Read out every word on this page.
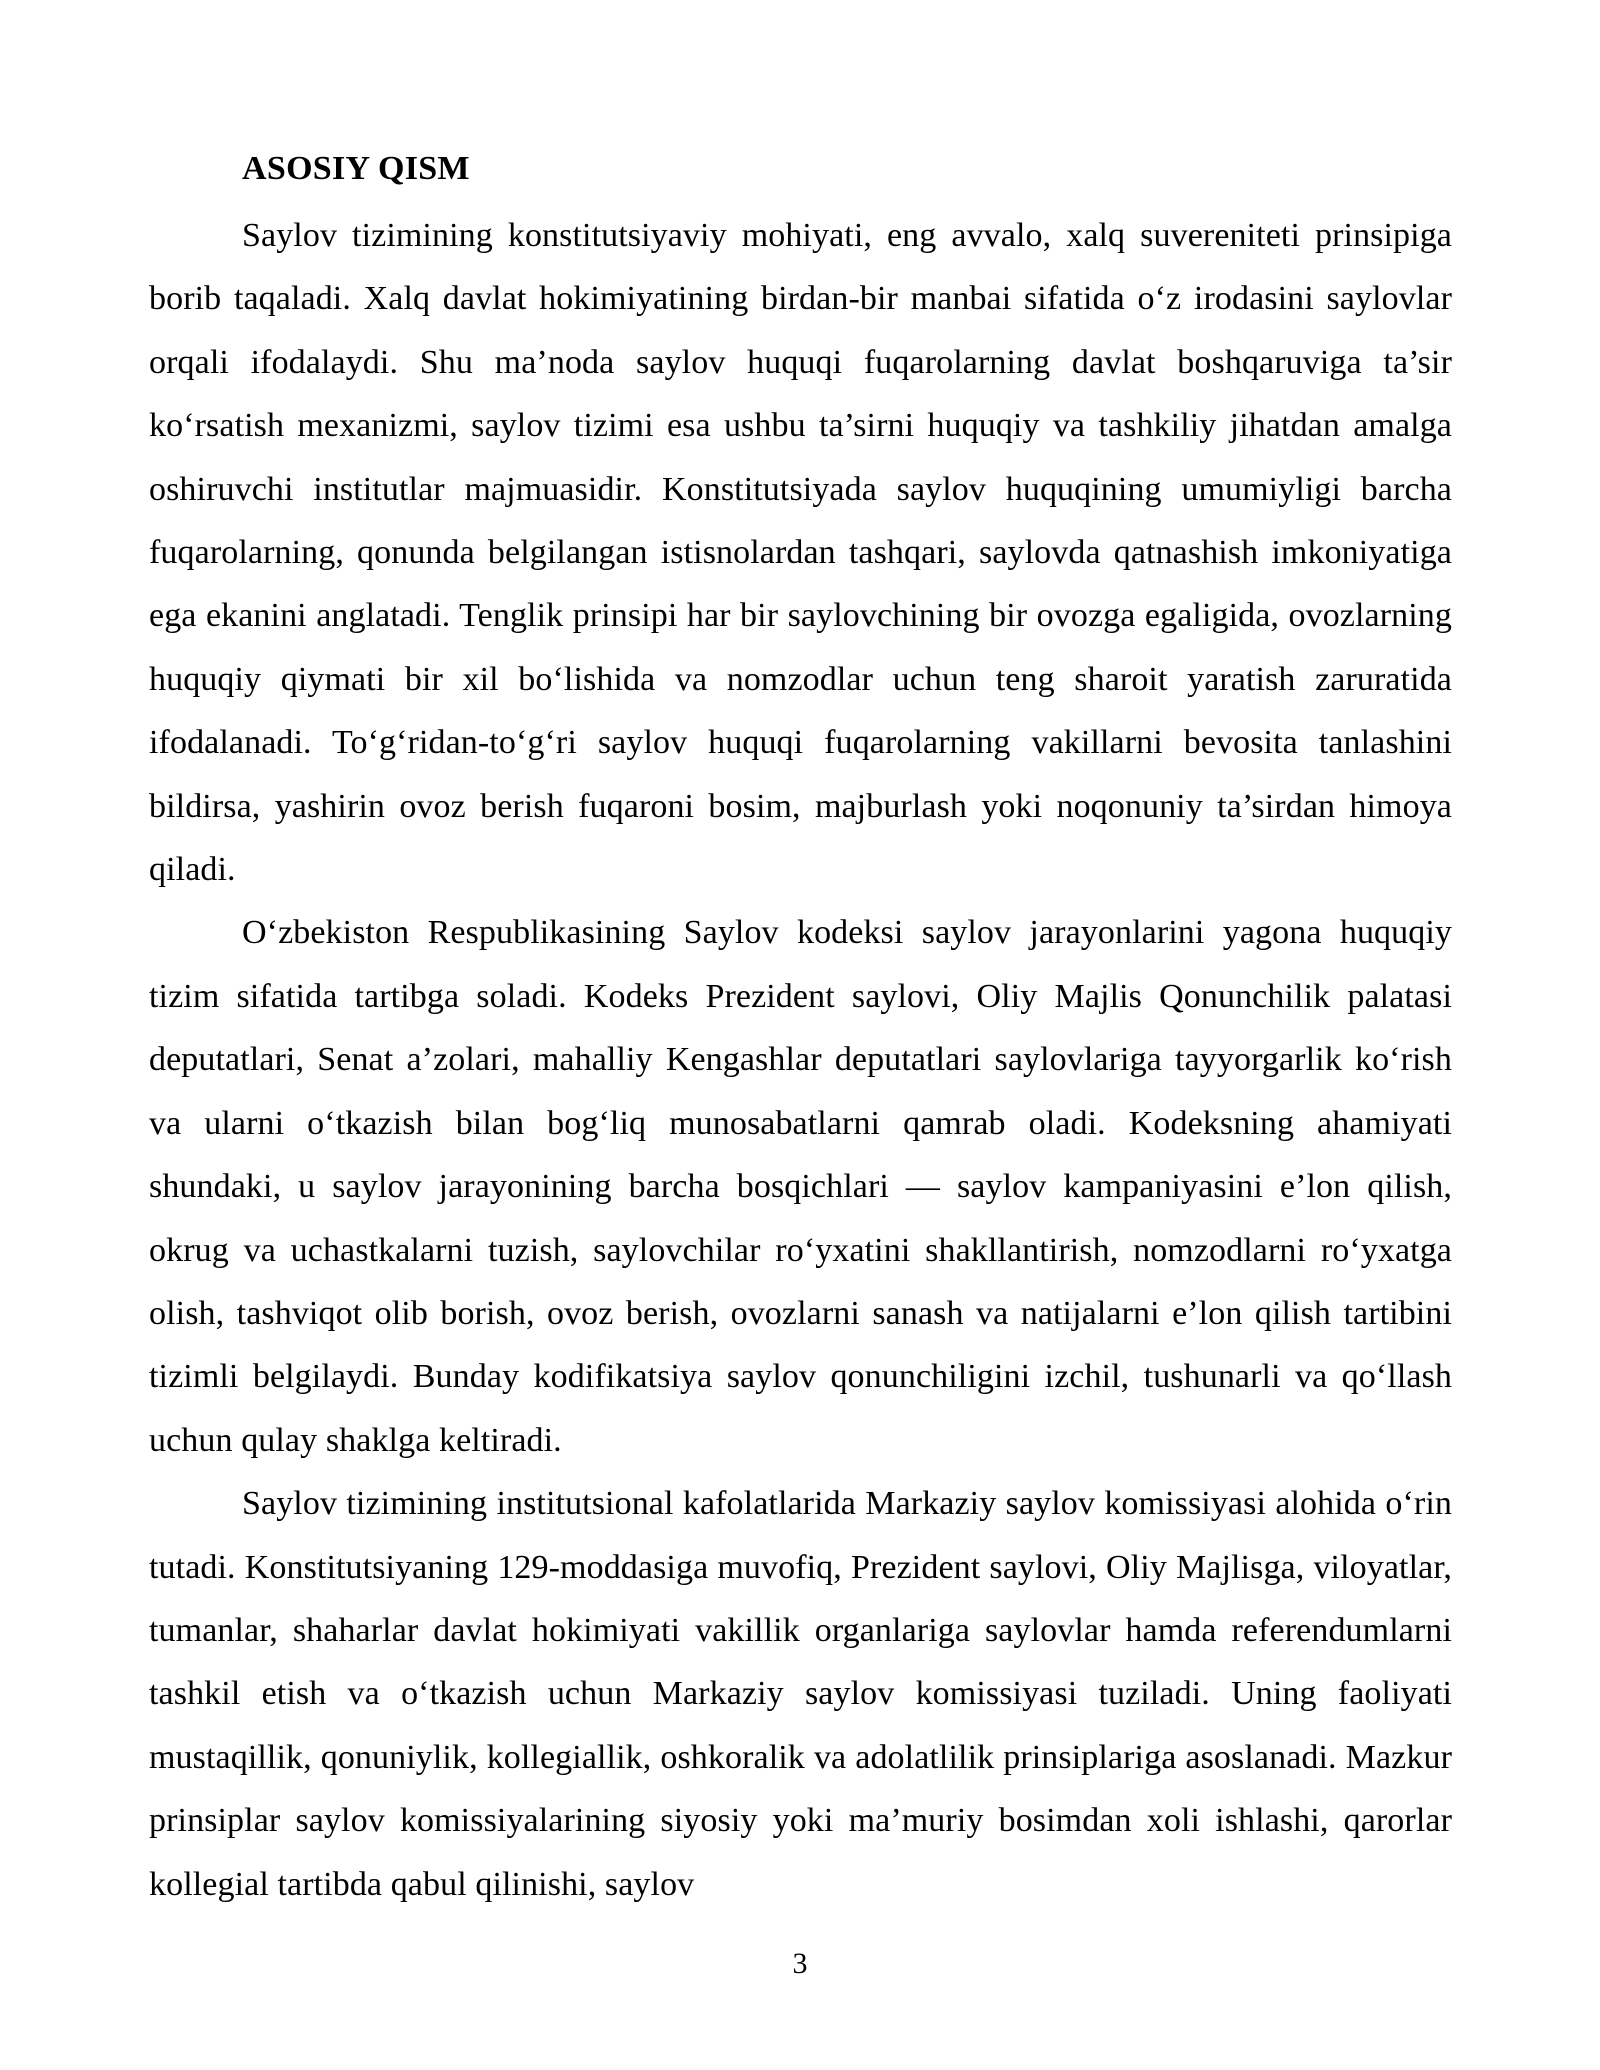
ASOSIY QISM

Saylov tizimining konstitutsiyaviy mohiyati, eng avvalo, xalq suvereniteti prinsipiga borib taqaladi. Xalq davlat hokimiyatining birdan-bir manbai sifatida o‘z irodasini saylovlar orqali ifodalaydi. Shu ma’noda saylov huquqi fuqarolarning davlat boshqaruviga ta’sir ko‘rsatish mexanizmi, saylov tizimi esa ushbu ta’sirni huquqiy va tashkiliy jihatdan amalga oshiruvchi institutlar majmuasidir. Konstitutsiyada saylov huquqining umumiyligi barcha fuqarolarning, qonunda belgilangan istisnolardan tashqari, saylovda qatnashish imkoniyatiga ega ekanini anglatadi. Tenglik prinsipi har bir saylovchining bir ovozga egaligida, ovozlarning huquqiy qiymati bir xil bo‘lishida va nomzodlar uchun teng sharoit yaratish zaruratida ifodalanadi. To‘g‘ridan-to‘g‘ri saylov huquqi fuqarolarning vakillarni bevosita tanlashini bildirsa, yashirin ovoz berish fuqaroni bosim, majburlash yoki noqonuniy ta’sirdan himoya qiladi.

O‘zbekiston Respublikasining Saylov kodeksi saylov jarayonlarini yagona huquqiy tizim sifatida tartibga soladi. Kodeks Prezident saylovi, Oliy Majlis Qonunchilik palatasi deputatlari, Senat a’zolari, mahalliy Kengashlar deputatlari saylovlariga tayyorgarlik ko‘rish va ularni o‘tkazish bilan bog‘liq munosabatlarni qamrab oladi. Kodeksning ahamiyati shundaki, u saylov jarayonining barcha bosqichlari — saylov kampaniyasini e’lon qilish, okrug va uchastkalarni tuzish, saylovchilar ro‘yxatini shakllantirish, nomzodlarni ro‘yxatga olish, tashviqot olib borish, ovoz berish, ovozlarni sanash va natijalarni e’lon qilish tartibini tizimli belgilaydi. Bunday kodifikatsiya saylov qonunchiligini izchil, tushunarli va qo‘llash uchun qulay shaklga keltiradi.

Saylov tizimining institutsional kafolatlarida Markaziy saylov komissiyasi alohida o‘rin tutadi. Konstitutsiyaning 129-moddasiga muvofiq, Prezident saylovi, Oliy Majlisga, viloyatlar, tumanlar, shaharlar davlat hokimiyati vakillik organlariga saylovlar hamda referendumlarni tashkil etish va o‘tkazish uchun Markaziy saylov komissiyasi tuziladi. Uning faoliyati mustaqillik, qonuniylik, kollegiallik, oshkoralik va adolatlilik prinsiplariga asoslanadi. Mazkur prinsiplar saylov komissiyalarining siyosiy yoki ma’muriy bosimdan xoli ishlashi, qarorlar kollegial tartibda qabul qilinishi, saylov

3
